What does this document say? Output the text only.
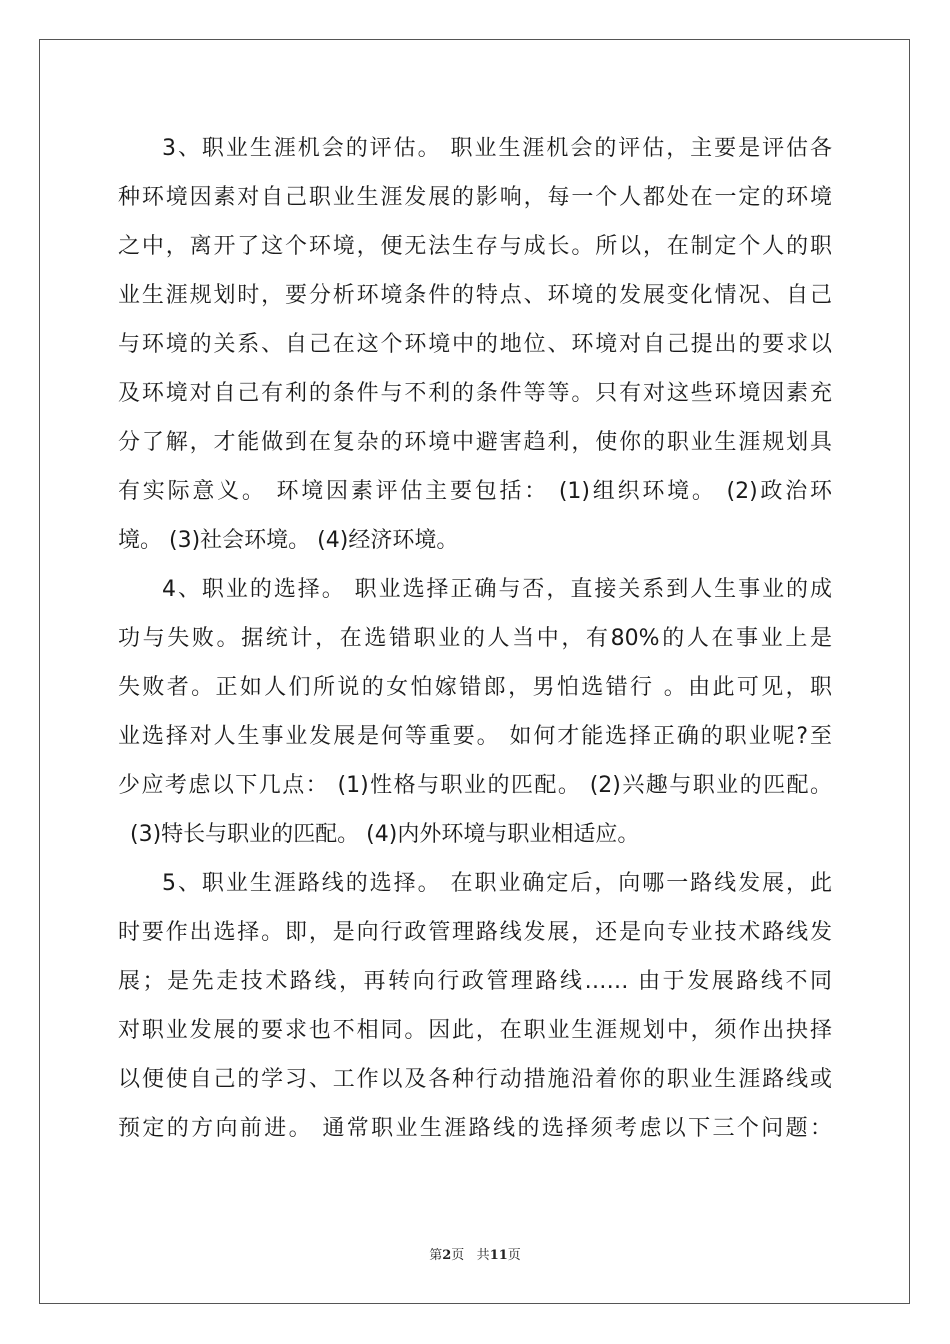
3、职业生涯机会的评估。 职业生涯机会的评估，主要是评估各
种环境因素对自己职业生涯发展的影响，每一个人都处在一定的环境
之中，离开了这个环境，便无法生存与成长。所以，在制定个人的职
业生涯规划时，要分析环境条件的特点、环境的发展变化情况、自己
与环境的关系、自己在这个环境中的地位、环境对自己提出的要求以
及环境对自己有利的条件与不利的条件等等。只有对这些环境因素充
分了解，才能做到在复杂的环境中避害趋利，使你的职业生涯规划具
有实际意义。 环境因素评估主要包括： (1)组织环境。 (2)政治环
境。 (3)社会环境。 (4)经济环境。
4、职业的选择。 职业选择正确与否，直接关系到人生事业的成
功与失败。据统计，在选错职业的人当中，有80%的人在事业上是
失败者。正如人们所说的女怕嫁错郎，男怕选错行 。由此可见，职
业选择对人生事业发展是何等重要。 如何才能选择正确的职业呢?至
少应考虑以下几点： (1)性格与职业的匹配。 (2)兴趣与职业的匹配。
(3)特长与职业的匹配。 (4)内外环境与职业相适应。
5、职业生涯路线的选择。 在职业确定后，向哪一路线发展，此
时要作出选择。即，是向行政管理路线发展，还是向专业技术路线发
展；是先走技术路线，再转向行政管理路线…… 由于发展路线不同
对职业发展的要求也不相同。因此，在职业生涯规划中，须作出抉择
以便使自己的学习、工作以及各种行动措施沿着你的职业生涯路线或
预定的方向前进。 通常职业生涯路线的选择须考虑以下三个问题：
第2页 共11页
